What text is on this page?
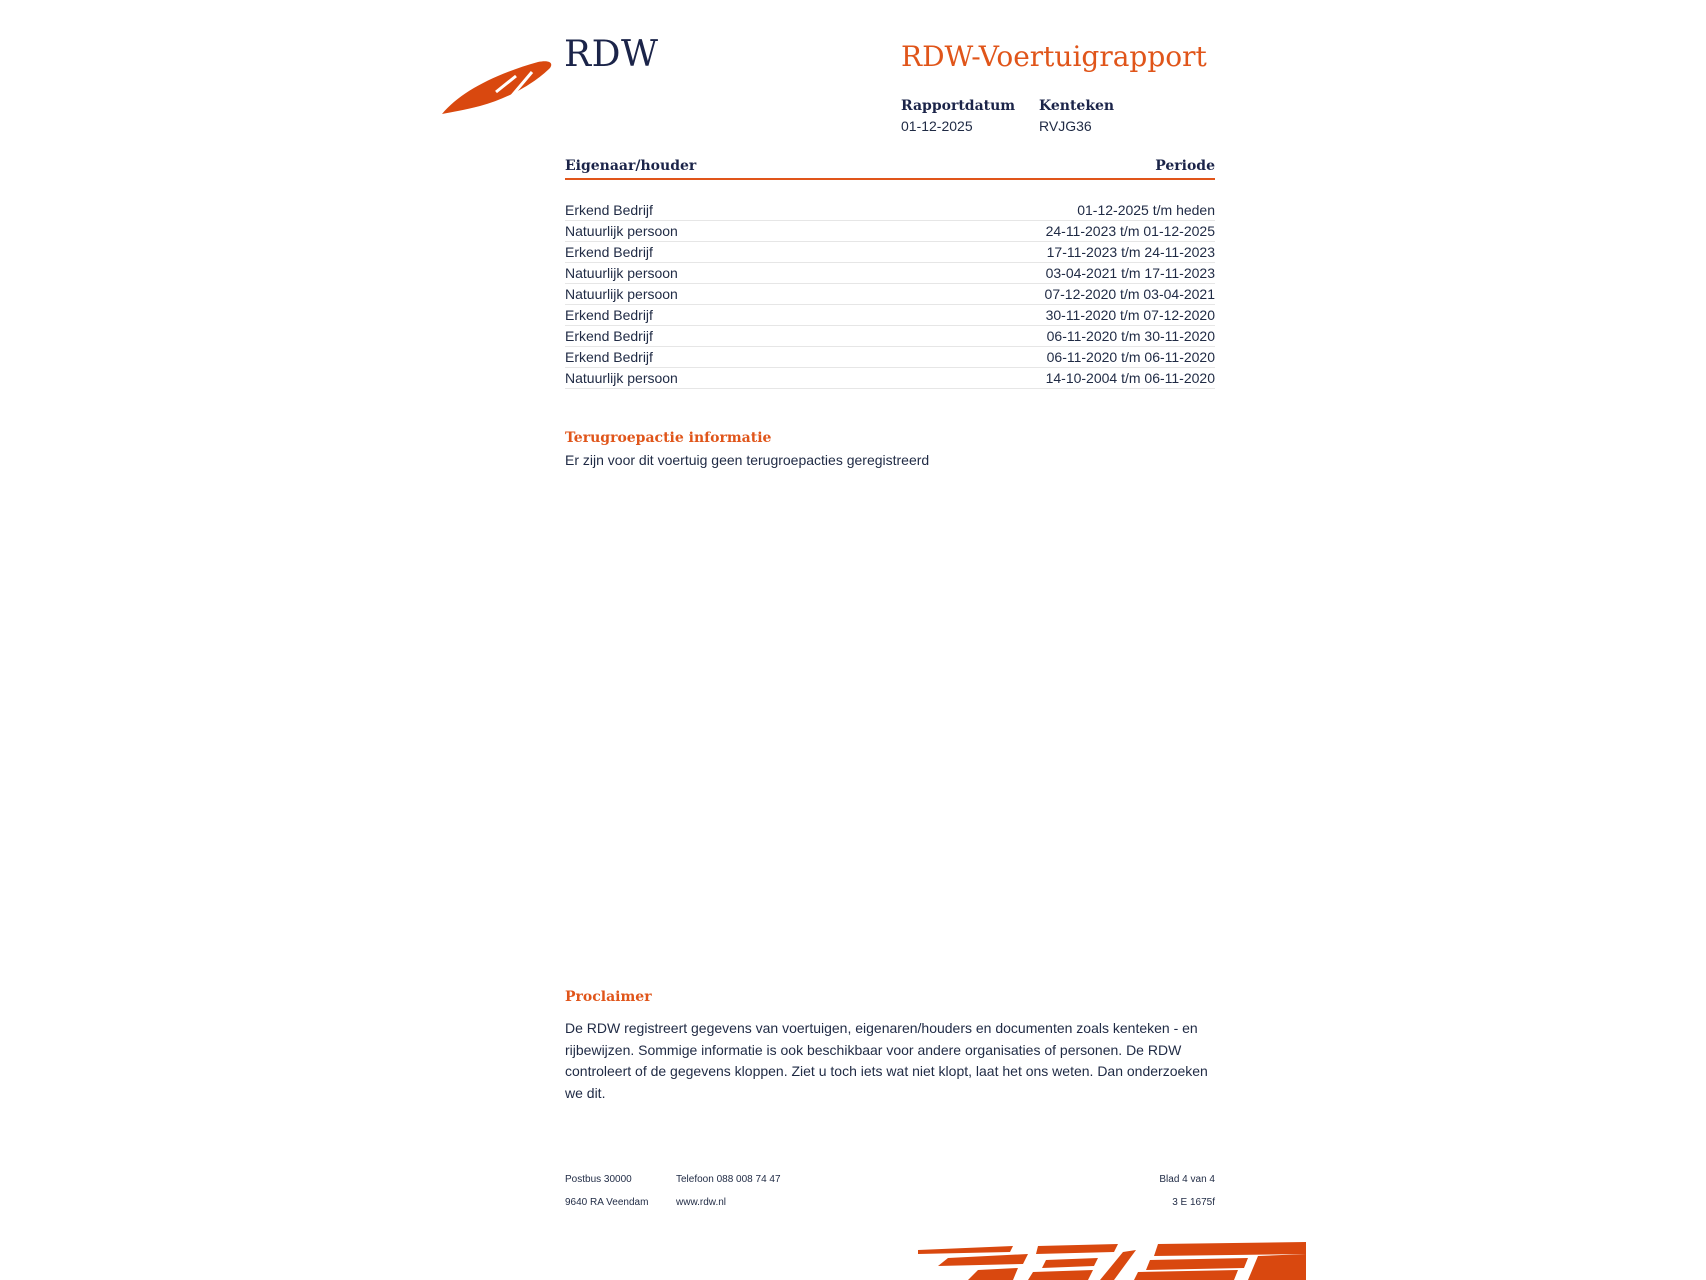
RDW	RDW-Voertuigrapport
Rapportdatum
01-12-2025
Kenteken
RVJG36
Eigenaar/houder	Periode
Erkend Bedrijf	01-12-2025 t/m heden
Natuurlijk persoon	24-11-2023 t/m 01-12-2025
Erkend Bedrijf	17-11-2023 t/m 24-11-2023
Natuurlijk persoon	03-04-2021 t/m 17-11-2023
Natuurlijk persoon	07-12-2020 t/m 03-04-2021
Erkend Bedrijf	30-11-2020 t/m 07-12-2020
Erkend Bedrijf	06-11-2020 t/m 30-11-2020
Erkend Bedrijf	06-11-2020 t/m 06-11-2020
Natuurlijk persoon	14-10-2004 t/m 06-11-2020
Terugroepactie informatie
Er zijn voor dit voertuig geen terugroepacties geregistreerd
Proclaimer
De RDW registreert gegevens van voertuigen, eigenaren/houders en documenten zoals kenteken - en rijbewijzen. Sommige informatie is ook beschikbaar voor andere organisaties of personen. De RDW controleert of de gegevens kloppen. Ziet u toch iets wat niet klopt, laat het ons weten. Dan onderzoeken we dit.
Postbus 30000
9640 RA Veendam
Telefoon 088 008 74 47
www.rdw.nl
Blad 4 van 4
3 E 1675f
